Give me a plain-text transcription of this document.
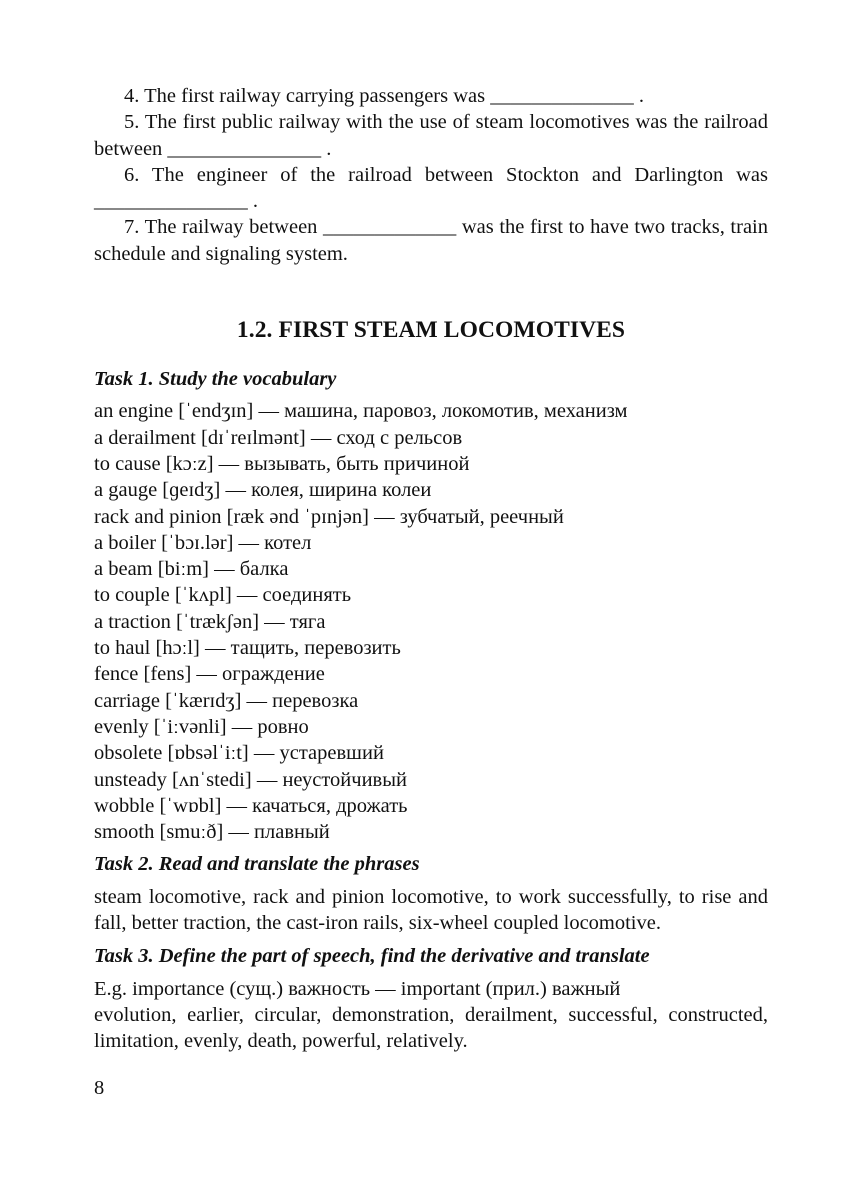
4. The first railway carrying passengers was ______________ .

5. The first public railway with the use of steam locomotives was the railroad between _______________ .

6. The engineer of the railroad between Stockton and Darlington was _______________ .

7. The railway between _____________ was the first to have two tracks, train schedule and signaling system.

1.2. FIRST STEAM LOCOMOTIVES

Task 1. Study the vocabulary

an engine [ˈendʒɪn] — машина, паровоз, локомотив, механизм
a derailment [dɪˈreɪlmənt] — сход с рельсов
to cause [kɔːz] — вызывать, быть причиной
a gauge [ɡeɪdʒ] — колея, ширина колеи
rack and pinion [ræk ənd ˈpɪnjən] — зубчатый, реечный
a boiler [ˈbɔɪ.lər] — котел
a beam [biːm] — балка
to couple [ˈkʌpl] — соединять
a traction [ˈtrækʃən] — тяга
to haul [hɔːl] — тащить, перевозить
fence [fens] — ограждение
carriage [ˈkærɪdʒ] — перевозка
evenly [ˈiːvənli] — ровно
obsolete [ɒbsəlˈiːt] — устаревший
unsteady [ʌnˈstedi] — неустойчивый
wobble [ˈwɒbl] — качаться, дрожать
smooth [smuːð] — плавный

Task 2. Read and translate the phrases

steam locomotive, rack and pinion locomotive, to work successfully, to rise and fall, better traction, the cast-iron rails, six-wheel coupled locomotive.

Task 3. Define the part of speech, find the derivative and translate

E.g. importance (сущ.) важность — important (прил.) важный

evolution, earlier, circular, demonstration, derailment, successful, constructed, limitation, evenly, death, powerful, relatively.

8
